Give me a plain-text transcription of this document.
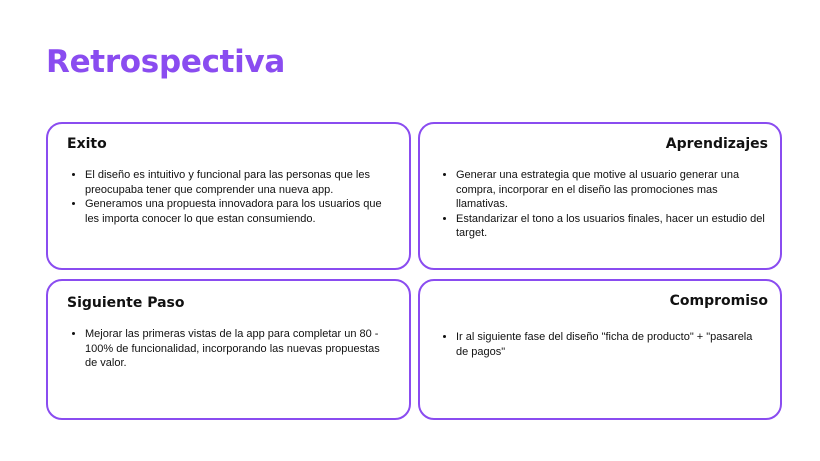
Retrospectiva
Exito
• El diseño es intuitivo y funcional para las personas que les preocupaba tener que comprender una nueva app.
• Generamos una propuesta innovadora para los usuarios que les importa conocer lo que estan consumiendo.
Aprendizajes
• Generar una estrategia que motive al usuario generar una compra, incorporar en el diseño las promociones mas llamativas.
• Estandarizar el tono a los usuarios finales, hacer un estudio del target.
Siguiente Paso
• Mejorar las primeras vistas de la app para completar un 80 - 100% de funcionalidad, incorporando las nuevas propuestas de valor.
Compromiso
• Ir al siguiente fase del diseño "ficha de producto" + "pasarela de pagos"
